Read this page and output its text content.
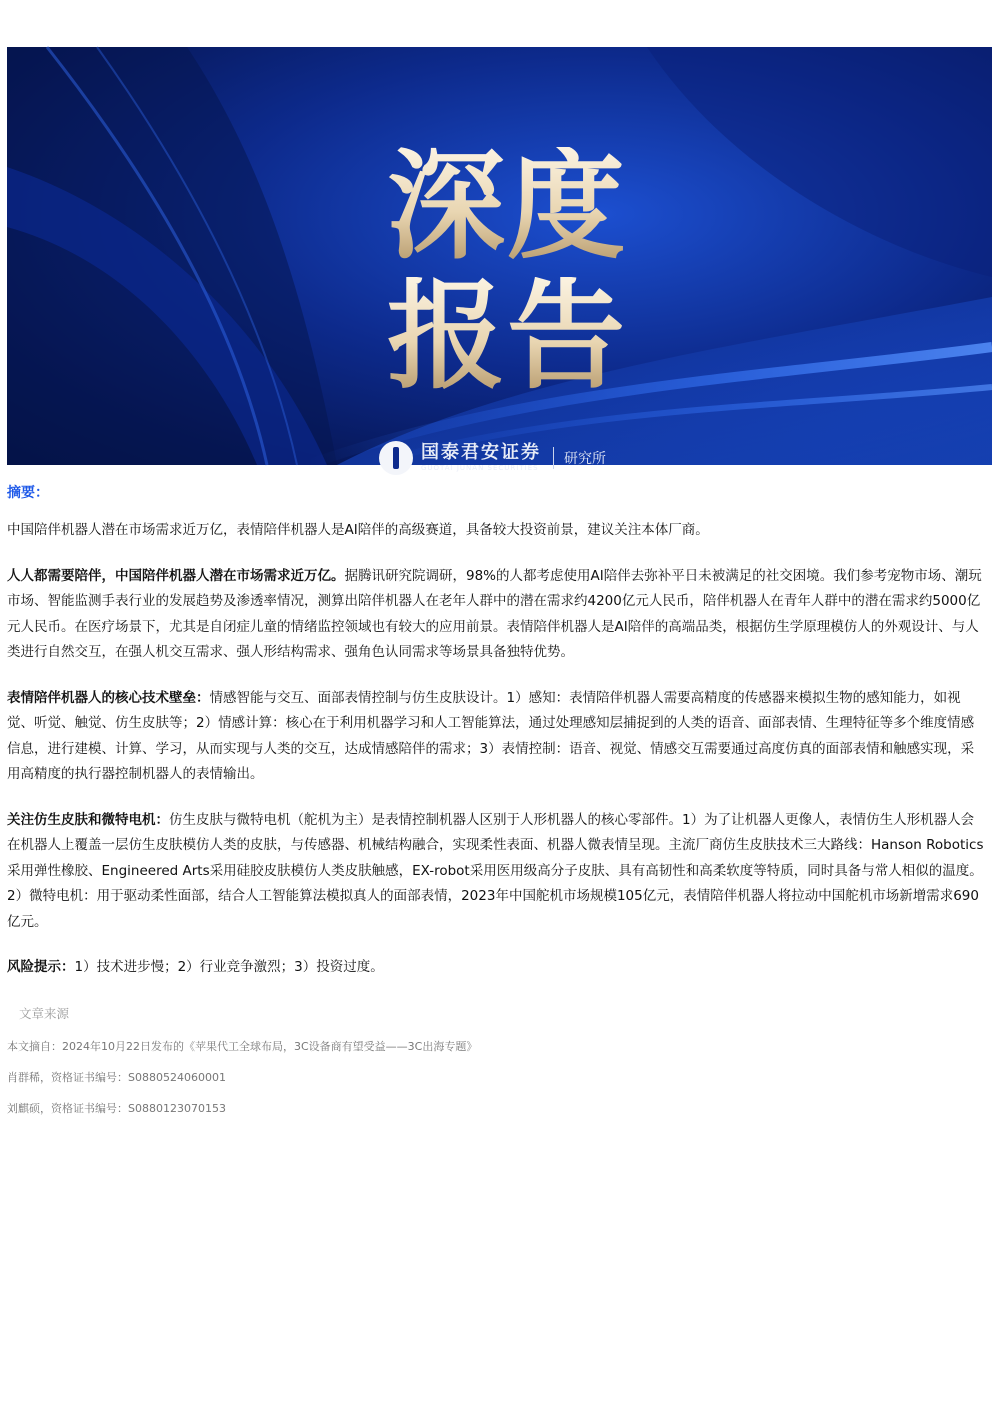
深度
报告
国泰君安证券
GUOTAI JUNAN SECURITIES
研究所

摘要：

中国陪伴机器人潜在市场需求近万亿，表情陪伴机器人是AI陪伴的高级赛道，具备较大投资前景，建议关注本体厂商。

人人都需要陪伴，中国陪伴机器人潜在市场需求近万亿。据腾讯研究院调研，98%的人都考虑使用AI陪伴去弥补平日未被满足的社交困境。我们参考宠物市场、潮玩市场、智能监测手表行业的发展趋势及渗透率情况，测算出陪伴机器人在老年人群中的潜在需求约4200亿元人民币，陪伴机器人在青年人群中的潜在需求约5000亿元人民币。在医疗场景下，尤其是自闭症儿童的情绪监控领域也有较大的应用前景。表情陪伴机器人是AI陪伴的高端品类，根据仿生学原理模仿人的外观设计、与人类进行自然交互，在强人机交互需求、强人形结构需求、强角色认同需求等场景具备独特优势。

表情陪伴机器人的核心技术壁垒：情感智能与交互、面部表情控制与仿生皮肤设计。1）感知：表情陪伴机器人需要高精度的传感器来模拟生物的感知能力，如视觉、听觉、触觉、仿生皮肤等；2）情感计算：核心在于利用机器学习和人工智能算法，通过处理感知层捕捉到的人类的语音、面部表情、生理特征等多个维度情感信息，进行建模、计算、学习，从而实现与人类的交互，达成情感陪伴的需求；3）表情控制：语音、视觉、情感交互需要通过高度仿真的面部表情和触感实现，采用高精度的执行器控制机器人的表情输出。

关注仿生皮肤和微特电机：仿生皮肤与微特电机（舵机为主）是表情控制机器人区别于人形机器人的核心零部件。1）为了让机器人更像人，表情仿生人形机器人会在机器人上覆盖一层仿生皮肤模仿人类的皮肤，与传感器、机械结构融合，实现柔性表面、机器人微表情呈现。主流厂商仿生皮肤技术三大路线：Hanson Robotics采用弹性橡胶、Engineered Arts采用硅胶皮肤模仿人类皮肤触感，EX-robot采用医用级高分子皮肤、具有高韧性和高柔软度等特质，同时具备与常人相似的温度。2）微特电机：用于驱动柔性面部，结合人工智能算法模拟真人的面部表情，2023年中国舵机市场规模105亿元，表情陪伴机器人将拉动中国舵机市场新增需求690亿元。

风险提示：1）技术进步慢；2）行业竞争激烈；3）投资过度。

文章来源
本文摘自：2024年10月22日发布的《苹果代工全球布局，3C设备商有望受益——3C出海专题》
肖群稀，资格证书编号：S0880524060001
刘麒硕，资格证书编号：S0880123070153
